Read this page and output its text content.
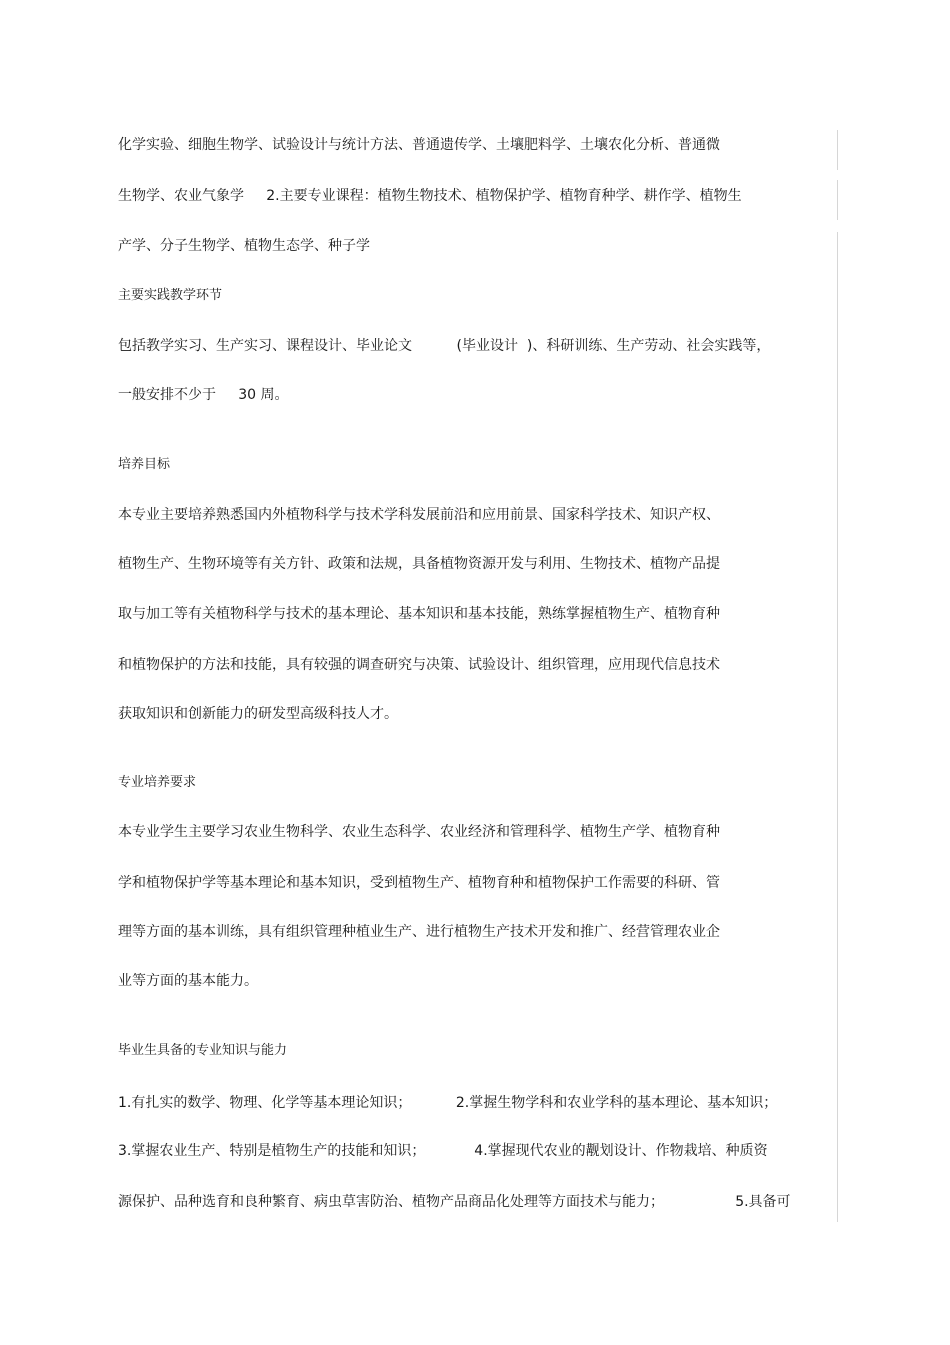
化学实验、细胞生物学、试验设计与统计方法、普通遗传学、土壤肥料学、土壤农化分析、普通微
生物学、农业气象学     2.主要专业课程：植物生物技术、植物保护学、植物育种学、耕作学、植物生
产学、分子生物学、植物生态学、种子学
主要实践教学环节
包括教学实习、生产实习、课程设计、毕业论文          (毕业设计  )、科研训练、生产劳动、社会实践等，
一般安排不少于     30 周。
培养目标
本专业主要培养熟悉国内外植物科学与技术学科发展前沿和应用前景、国家科学技术、知识产权、
植物生产、生物环境等有关方针、政策和法规，具备植物资源开发与利用、生物技术、植物产品提
取与加工等有关植物科学与技术的基本理论、基本知识和基本技能，熟练掌握植物生产、植物育种
和植物保护的方法和技能，具有较强的调查研究与决策、试验设计、组织管理，应用现代信息技术
获取知识和创新能力的研发型高级科技人才。
专业培养要求
本专业学生主要学习农业生物科学、农业生态科学、农业经济和管理科学、植物生产学、植物育种
学和植物保护学等基本理论和基本知识，受到植物生产、植物育种和植物保护工作需要的科研、管
理等方面的基本训练，具有组织管理种植业生产、进行植物生产技术开发和推广、经营管理农业企
业等方面的基本能力。
毕业生具备的专业知识与能力
1.有扎实的数学、物理、化学等基本理论知识；          2.掌握生物学科和农业学科的基本理论、基本知识；
3.掌握农业生产、特别是植物生产的技能和知识；           4.掌握现代农业的觏划设计、作物栽培、种质资
源保护、品种选育和良种繁育、病虫草害防治、植物产品商品化处理等方面技术与能力；                5.具备可
